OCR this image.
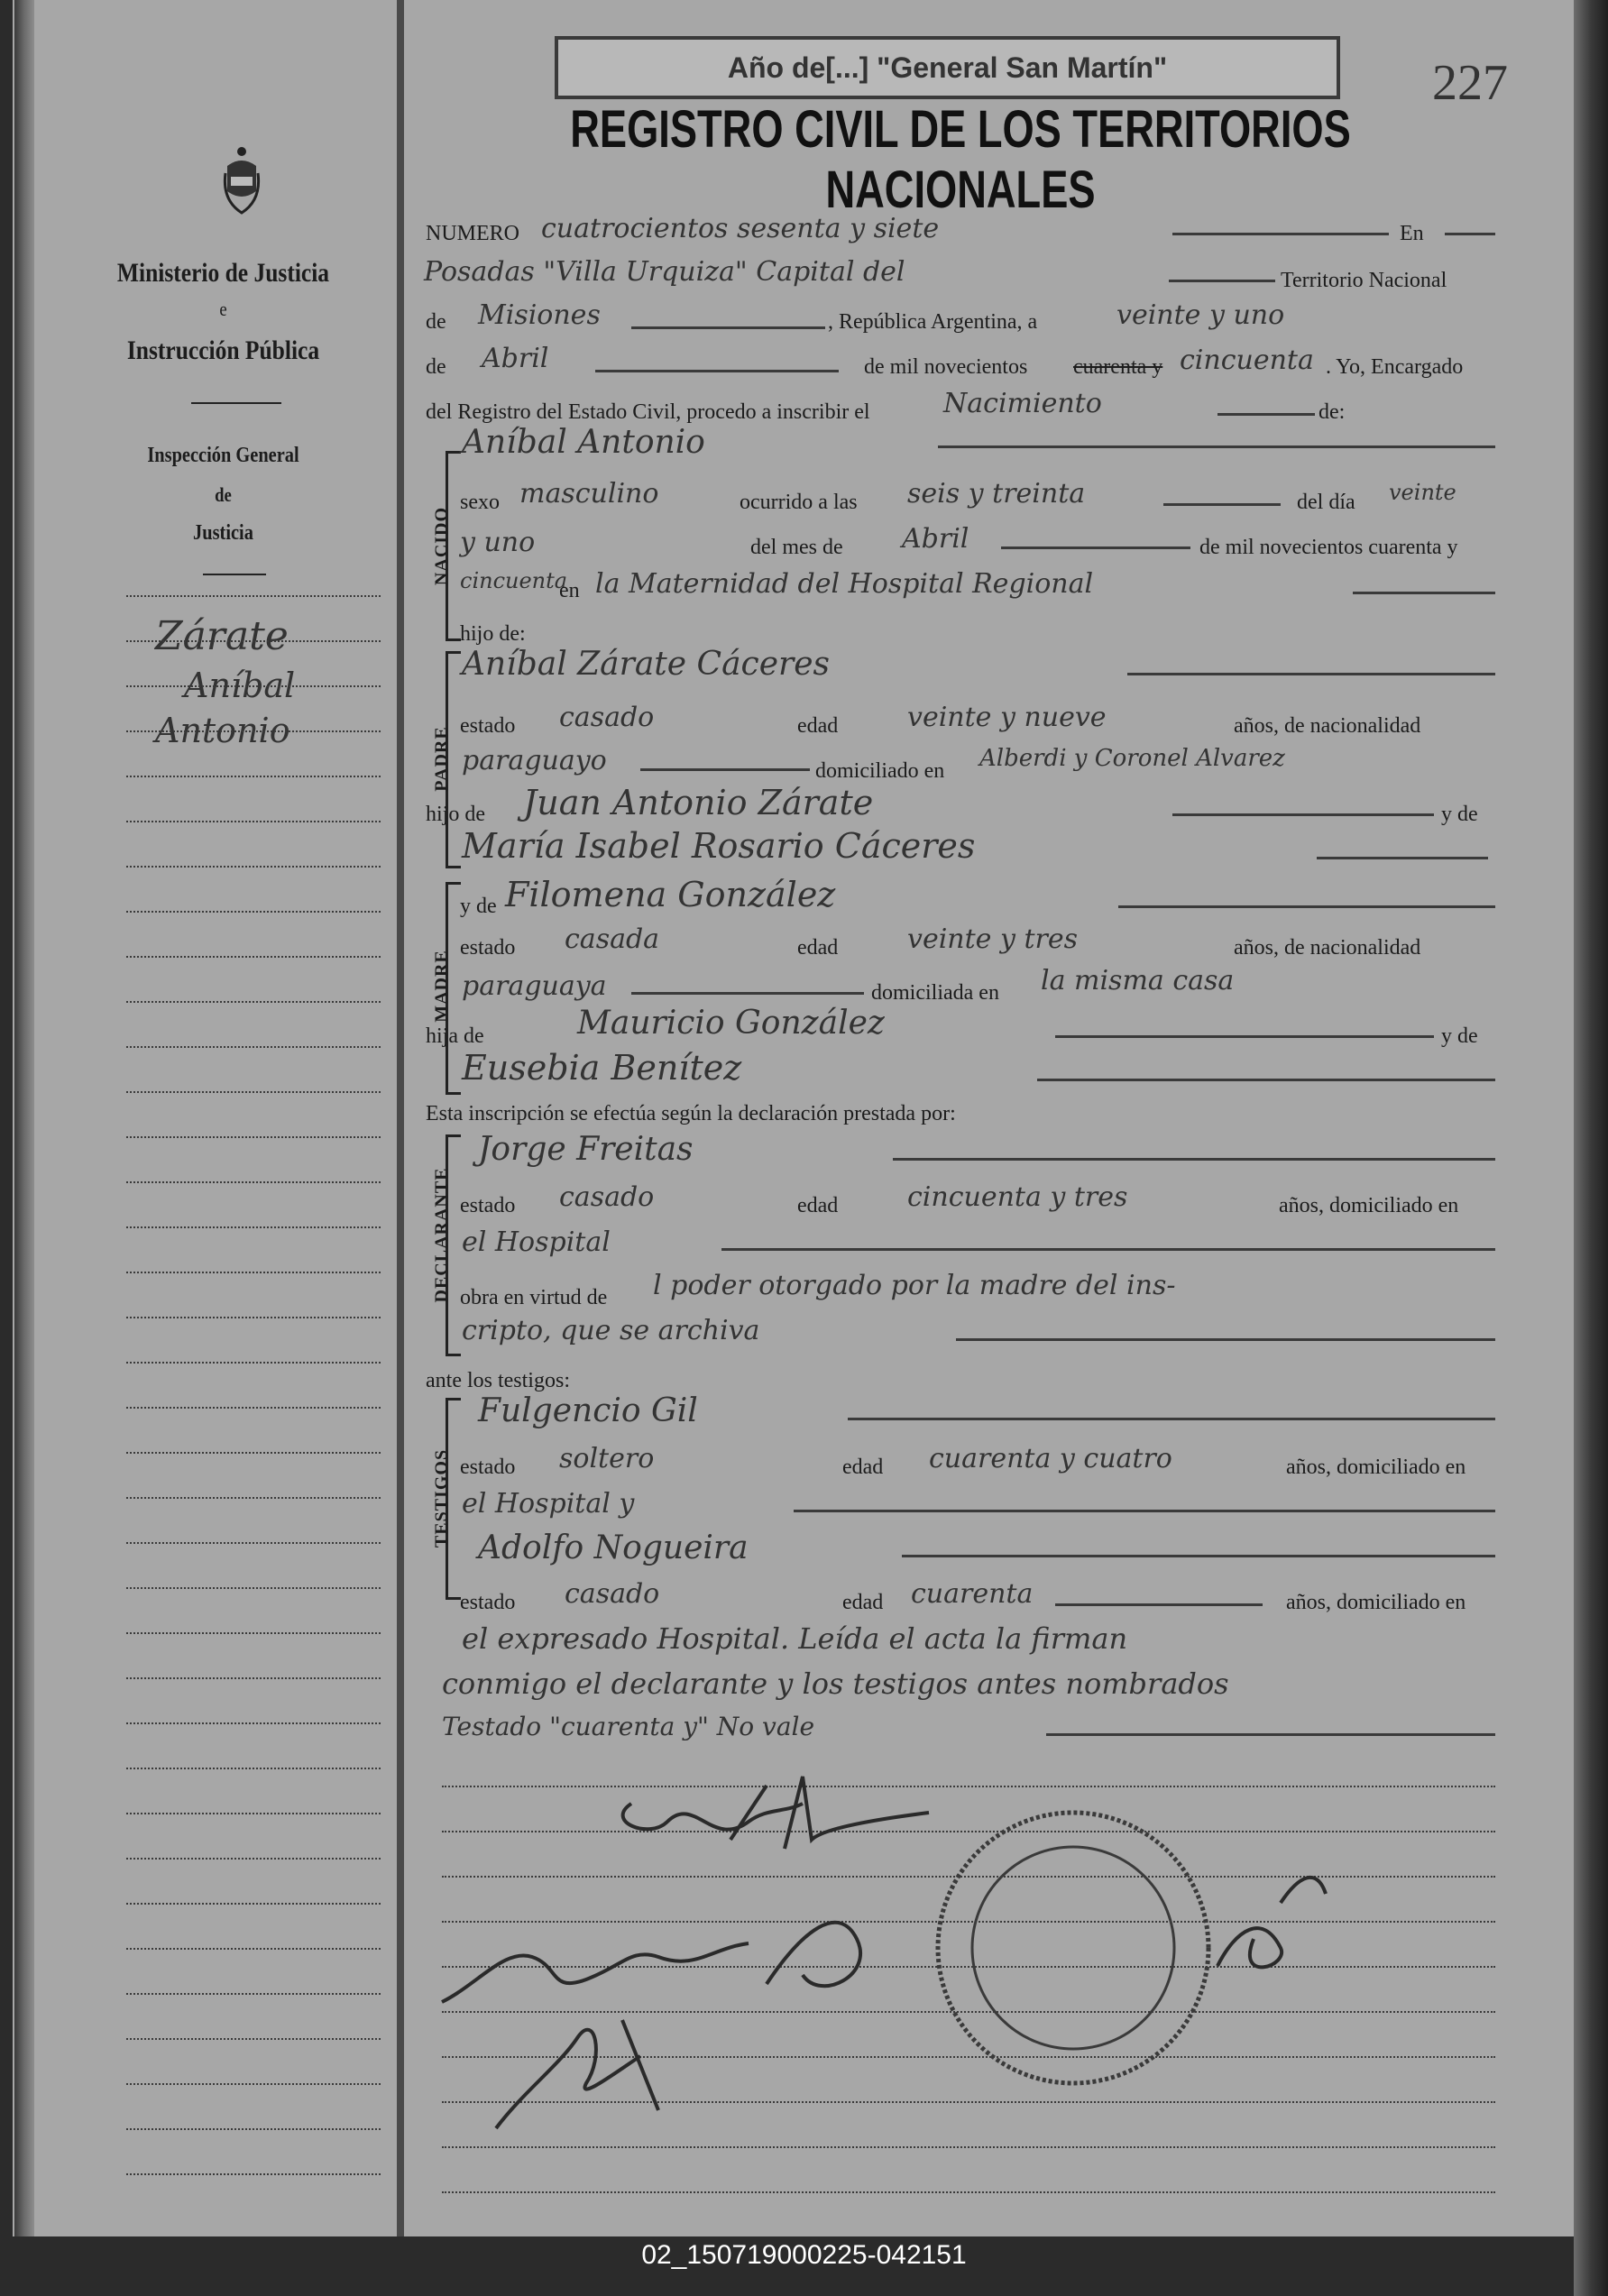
Año de[...] "General San Martín"	227
REGISTRO CIVIL DE LOS TERRITORIOS NACIONALES
Ministerio de Justicia
e
Instrucción Pública
Inspección General
de
Justicia
Zárate
Aníbal
Antonio
NACIDO
PADRE
MADRE
DECLARANTE
TESTIGOS
NUMERO cuatrocientos sesenta y siete	En
Posadas "Villa Urquiza" Capital del	Territorio Nacional
de Misiones	, República Argentina, a	veinte y uno
de Abril	de mil novecientos cuarenta y cincuenta . Yo, Encargado
del Registro del Estado Civil, procedo a inscribir el	Nacimiento	de:
Aníbal Antonio
sexo masculino	ocurrido a las seis y treinta	del día veinte
y uno	del mes de Abril	de mil novecientos cuarenta y
cincuenta
en la Maternidad del Hospital Regional
hijo de:
Aníbal Zárate Cáceres
estado casado	edad	veinte y nueve	años, de nacionalidad
paraguayo	domiciliado en Alberdi y Coronel Alvarez
hijo de Juan Antonio Zárate	y de
María Isabel Rosario Cáceres
y de Filomena González
estado casada	edad	veinte y tres	años, de nacionalidad
paraguaya	domiciliada en la misma casa
hija de	Mauricio González	y de
Eusebia Benítez
Esta inscripción se efectúa según la declaración prestada por:
Jorge Freitas
estado casado	edad	cincuenta y tres	años, domiciliado en
el Hospital
obra en virtud de l poder otorgado por la madre del ins-
cripto, que se archiva
ante los testigos:
Fulgencio Gil
estado soltero	edad cuarenta y cuatro	años, domiciliado en
el Hospital y
Adolfo Nogueira
estado casado	edad cuarenta	años, domiciliado en
el expresado Hospital. Leída el acta la firman
conmigo el declarante y los testigos antes nombrados
Testado "cuarenta y" No vale
02_150719000225-042151
